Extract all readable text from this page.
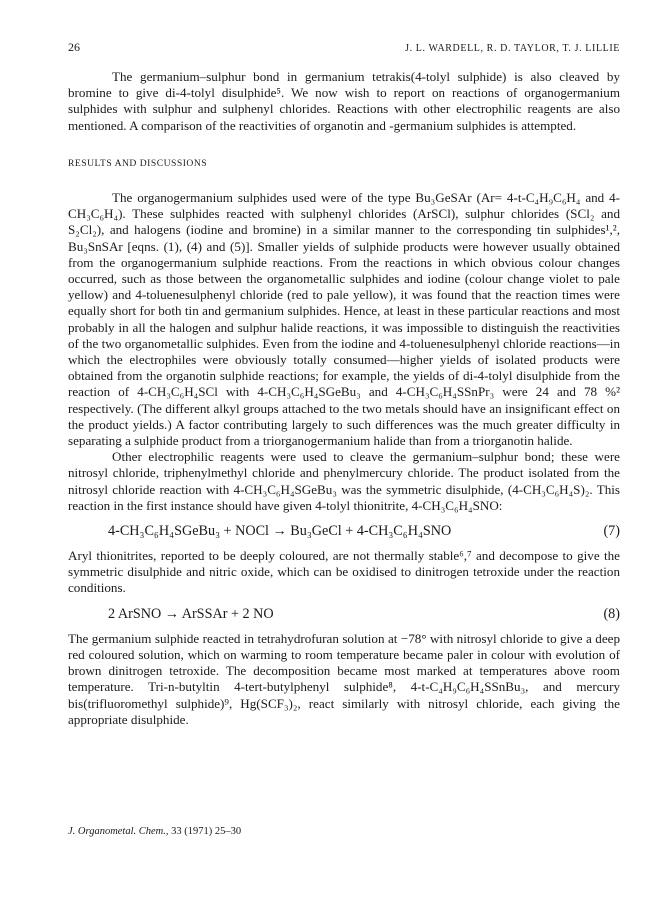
26	J. L. WARDELL, R. D. TAYLOR, T. J. LILLIE

The germanium–sulphur bond in germanium tetrakis(4-tolyl sulphide) is also cleaved by bromine to give di-4-tolyl disulphide⁵. We now wish to report on reactions of organogermanium sulphides with sulphur and sulphenyl chlorides. Reactions with other electrophilic reagents are also mentioned. A comparison of the reactivities of organotin and -germanium sulphides is attempted.

RESULTS AND DISCUSSIONS

The organogermanium sulphides used were of the type Bu₃GeSAr (Ar= 4-t-C₄H₉C₆H₄ and 4-CH₃C₆H₄). These sulphides reacted with sulphenyl chlorides (ArSCl), sulphur chlorides (SCl₂ and S₂Cl₂), and halogens (iodine and bromine) in a similar manner to the corresponding tin sulphides¹,², Bu₃SnSAr [eqns. (1), (4) and (5)]. Smaller yields of sulphide products were however usually obtained from the organogermanium sulphide reactions. From the reactions in which obvious colour changes occurred, such as those between the organometallic sulphides and iodine (colour change violet to pale yellow) and 4-toluenesulphenyl chloride (red to pale yellow), it was found that the reaction times were equally short for both tin and germanium sulphides. Hence, at least in these particular reactions and most probably in all the halogen and sulphur halide reactions, it was impossible to distinguish the reactivities of the two organometallic sulphides. Even from the iodine and 4-toluenesulphenyl chloride reactions—in which the electrophiles were obviously totally consumed—higher yields of isolated products were obtained from the organotin sulphide reactions; for example, the yields of di-4-tolyl disulphide from the reaction of 4-CH₃C₆H₄SCl with 4-CH₃C₆H₄SGeBu₃ and 4-CH₃C₆H₄SSnPr₃ were 24 and 78 %² respectively. (The different alkyl groups attached to the two metals should have an insignificant effect on the product yields.) A factor contributing largely to such differences was the much greater difficulty in separating a sulphide product from a triorganogermanium halide than from a triorganotin halide.

Other electrophilic reagents were used to cleave the germanium–sulphur bond; these were nitrosyl chloride, triphenylmethyl chloride and phenylmercury chloride. The product isolated from the nitrosyl chloride reaction with 4-CH₃C₆H₄SGeBu₃ was the symmetric disulphide, (4-CH₃C₆H₄S)₂. This reaction in the first instance should have given 4-tolyl thionitrite, 4-CH₃C₆H₄SNO:

4-CH₃C₆H₄SGeBu₃ + NOCl → Bu₃GeCl + 4-CH₃C₆H₄SNO	(7)

Aryl thionitrites, reported to be deeply coloured, are not thermally stable⁶,⁷ and decompose to give the symmetric disulphide and nitric oxide, which can be oxidised to dinitrogen tetroxide under the reaction conditions.

2 ArSNO → ArSSAr + 2 NO	(8)

The germanium sulphide reacted in tetrahydrofuran solution at −78° with nitrosyl chloride to give a deep red coloured solution, which on warming to room temperature became paler in colour with evolution of brown dinitrogen tetroxide. The decomposition became most marked at temperatures above room temperature. Tri-n-butyltin 4-tert-butylphenyl sulphide⁸, 4-t-C₄H₉C₆H₄SSnBu₃, and mercury bis(trifluoromethyl sulphide)⁹, Hg(SCF₃)₂, react similarly with nitrosyl chloride, each giving the appropriate disulphide.

J. Organometal. Chem., 33 (1971) 25–30
